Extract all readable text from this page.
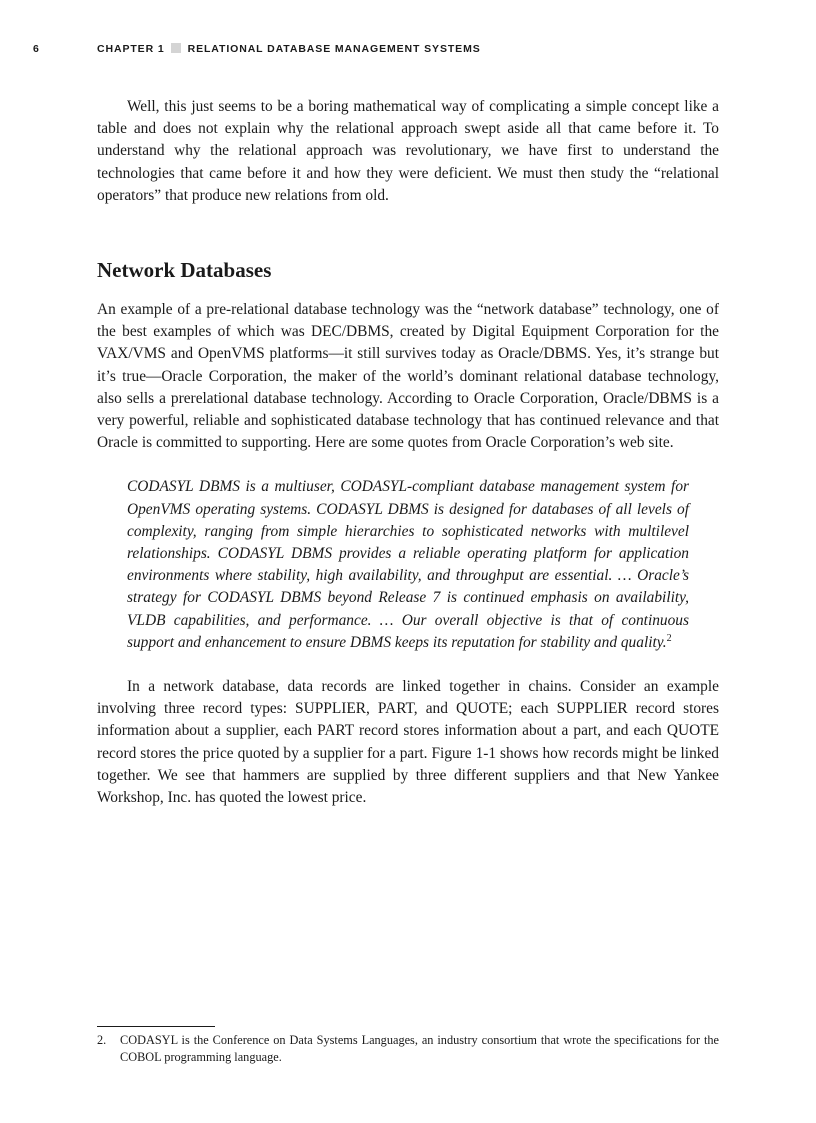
6	CHAPTER 1 RELATIONAL DATABASE MANAGEMENT SYSTEMS

Well, this just seems to be a boring mathematical way of complicating a simple concept like a table and does not explain why the relational approach swept aside all that came before it. To understand why the relational approach was revolutionary, we have first to understand the technologies that came before it and how they were deficient. We must then study the “relational operators” that produce new relations from old.

Network Databases

An example of a pre-relational database technology was the “network database” technology, one of the best examples of which was DEC/DBMS, created by Digital Equipment Corporation for the VAX/VMS and OpenVMS platforms—it still survives today as Oracle/DBMS. Yes, it’s strange but it’s true—Oracle Corporation, the maker of the world’s dominant relational database technology, also sells a prerelational database technology. According to Oracle Corporation, Oracle/DBMS is a very powerful, reliable and sophisticated database technology that has continued relevance and that Oracle is committed to supporting. Here are some quotes from Oracle Corporation’s web site.

CODASYL DBMS is a multiuser, CODASYL-compliant database management system for OpenVMS operating systems. CODASYL DBMS is designed for databases of all levels of complexity, ranging from simple hierarchies to sophisticated networks with multilevel relationships. CODASYL DBMS provides a reliable operating platform for application environments where stability, high availability, and throughput are essential. … Oracle’s strategy for CODASYL DBMS beyond Release 7 is continued emphasis on availability, VLDB capabilities, and performance. … Our overall objective is that of continuous support and enhancement to ensure DBMS keeps its reputation for stability and quality.$^2$

In a network database, data records are linked together in chains. Consider an example involving three record types: SUPPLIER, PART, and QUOTE; each SUPPLIER record stores information about a supplier, each PART record stores information about a part, and each QUOTE record stores the price quoted by a supplier for a part. Figure 1-1 shows how records might be linked together. We see that hammers are supplied by three different suppliers and that New Yankee Workshop, Inc. has quoted the lowest price.

2. CODASYL is the Conference on Data Systems Languages, an industry consortium that wrote the specifications for the COBOL programming language.
